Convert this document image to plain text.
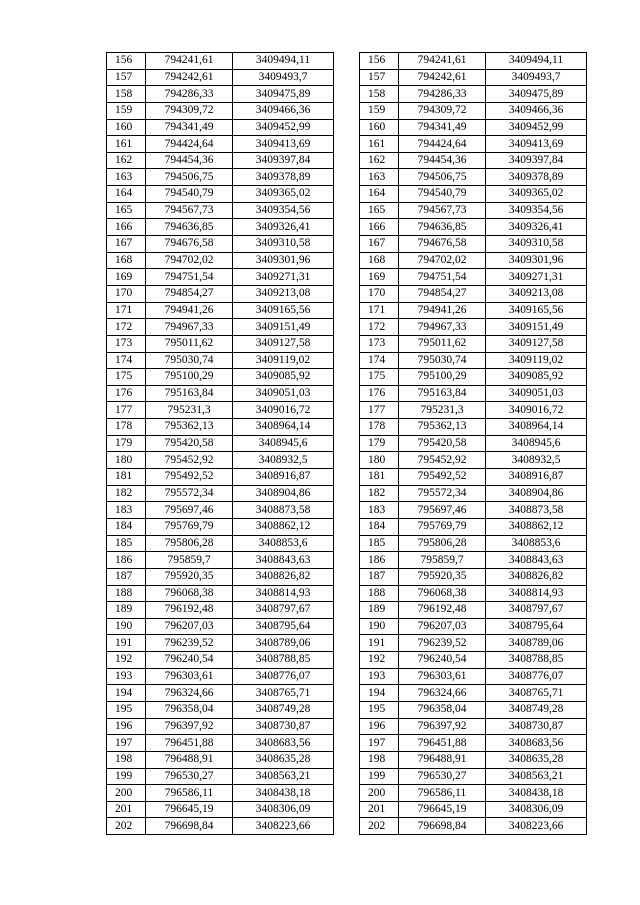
156	794241,61	3409494,11
157	794242,61	3409493,7
158	794286,33	3409475,89
159	794309,72	3409466,36
160	794341,49	3409452,99
161	794424,64	3409413,69
162	794454,36	3409397,84
163	794506,75	3409378,89
164	794540,79	3409365,02
165	794567,73	3409354,56
166	794636,85	3409326,41
167	794676,58	3409310,58
168	794702,02	3409301,96
169	794751,54	3409271,31
170	794854,27	3409213,08
171	794941,26	3409165,56
172	794967,33	3409151,49
173	795011,62	3409127,58
174	795030,74	3409119,02
175	795100,29	3409085,92
176	795163,84	3409051,03
177	795231,3	3409016,72
178	795362,13	3408964,14
179	795420,58	3408945,6
180	795452,92	3408932,5
181	795492,52	3408916,87
182	795572,34	3408904,86
183	795697,46	3408873,58
184	795769,79	3408862,12
185	795806,28	3408853,6
186	795859,7	3408843,63
187	795920,35	3408826,82
188	796068,38	3408814,93
189	796192,48	3408797,67
190	796207,03	3408795,64
191	796239,52	3408789,06
192	796240,54	3408788,85
193	796303,61	3408776,07
194	796324,66	3408765,71
195	796358,04	3408749,28
196	796397,92	3408730,87
197	796451,88	3408683,56
198	796488,91	3408635,28
199	796530,27	3408563,21
200	796586,11	3408438,18
201	796645,19	3408306,09
202	796698,84	3408223,66
156	794241,61	3409494,11
157	794242,61	3409493,7
158	794286,33	3409475,89
159	794309,72	3409466,36
160	794341,49	3409452,99
161	794424,64	3409413,69
162	794454,36	3409397,84
163	794506,75	3409378,89
164	794540,79	3409365,02
165	794567,73	3409354,56
166	794636,85	3409326,41
167	794676,58	3409310,58
168	794702,02	3409301,96
169	794751,54	3409271,31
170	794854,27	3409213,08
171	794941,26	3409165,56
172	794967,33	3409151,49
173	795011,62	3409127,58
174	795030,74	3409119,02
175	795100,29	3409085,92
176	795163,84	3409051,03
177	795231,3	3409016,72
178	795362,13	3408964,14
179	795420,58	3408945,6
180	795452,92	3408932,5
181	795492,52	3408916,87
182	795572,34	3408904,86
183	795697,46	3408873,58
184	795769,79	3408862,12
185	795806,28	3408853,6
186	795859,7	3408843,63
187	795920,35	3408826,82
188	796068,38	3408814,93
189	796192,48	3408797,67
190	796207,03	3408795,64
191	796239,52	3408789,06
192	796240,54	3408788,85
193	796303,61	3408776,07
194	796324,66	3408765,71
195	796358,04	3408749,28
196	796397,92	3408730,87
197	796451,88	3408683,56
198	796488,91	3408635,28
199	796530,27	3408563,21
200	796586,11	3408438,18
201	796645,19	3408306,09
202	796698,84	3408223,66
